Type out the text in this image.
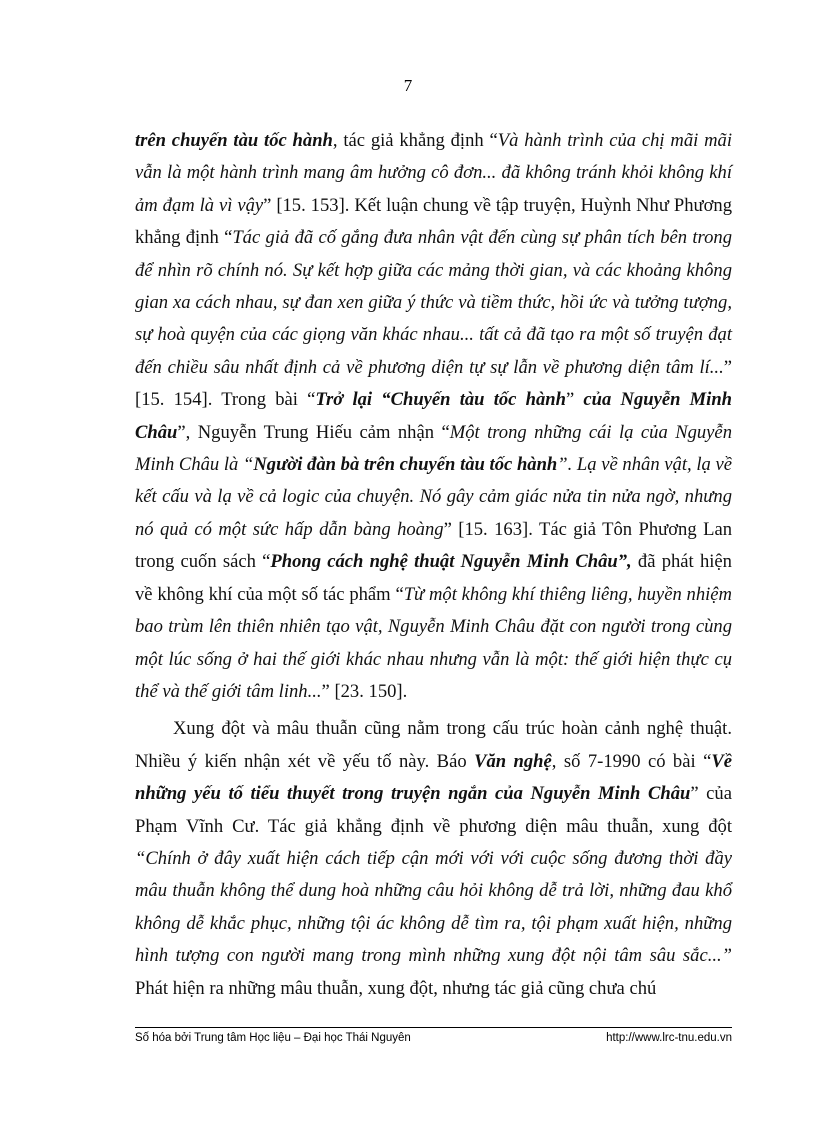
7

trên chuyến tàu tốc hành, tác giả khẳng định “Và hành trình của chị mãi mãi vẫn là một hành trình mang âm hưởng cô đơn... đã không tránh khỏi không khí ảm đạm là vì vậy” [15. 153]. Kết luận chung về tập truyện, Huỳnh Như Phương khẳng định “Tác giả đã cố gắng đưa nhân vật đến cùng sự phân tích bên trong để nhìn rõ chính nó. Sự kết hợp giữa các mảng thời gian, và các khoảng không gian xa cách nhau, sự đan xen giữa ý thức và tiềm thức, hồi ức và tưởng tượng, sự hoà quyện của các giọng văn khác nhau... tất cả đã tạo ra một số truyện đạt đến chiều sâu nhất định cả về phương diện tự sự lẫn về phương diện tâm lí...” [15. 154]. Trong bài “Trở lại “Chuyến tàu tốc hành” của Nguyễn Minh Châu”, Nguyễn Trung Hiếu cảm nhận “Một trong những cái lạ của Nguyễn Minh Châu là “Người đàn bà trên chuyến tàu tốc hành”. Lạ về nhân vật, lạ về kết cấu và lạ về cả logic của chuyện. Nó gây cảm giác nửa tin nửa ngờ, nhưng nó quả có một sức hấp dẫn bàng hoàng” [15. 163]. Tác giả Tôn Phương Lan trong cuốn sách “Phong cách nghệ thuật Nguyễn Minh Châu”, đã phát hiện về không khí của một số tác phẩm “Từ một không khí thiêng liêng, huyền nhiệm bao trùm lên thiên nhiên tạo vật, Nguyễn Minh Châu đặt con người trong cùng một lúc sống ở hai thế giới khác nhau nhưng vẫn là một: thế giới hiện thực cụ thể và thế giới tâm linh...” [23. 150].

Xung đột và mâu thuẫn cũng nằm trong cấu trúc hoàn cảnh nghệ thuật. Nhiều ý kiến nhận xét về yếu tố này. Báo Văn nghệ, số 7-1990 có bài “Về những yếu tố tiểu thuyết trong truyện ngắn của Nguyễn Minh Châu” của Phạm Vĩnh Cư. Tác giả khẳng định về phương diện mâu thuẫn, xung đột “Chính ở đây xuất hiện cách tiếp cận mới với với cuộc sống đương thời đầy mâu thuẫn không thể dung hoà những câu hỏi không dễ trả lời, những đau khổ không dễ khắc phục, những tội ác không dễ tìm ra, tội phạm xuất hiện, những hình tượng con người mang trong mình những xung đột nội tâm sâu sắc...” Phát hiện ra những mâu thuẫn, xung đột, nhưng tác giả cũng chưa chú

Số hóa bởi Trung tâm Học liệu – Đại học Thái Nguyên	http://www.lrc-tnu.edu.vn
